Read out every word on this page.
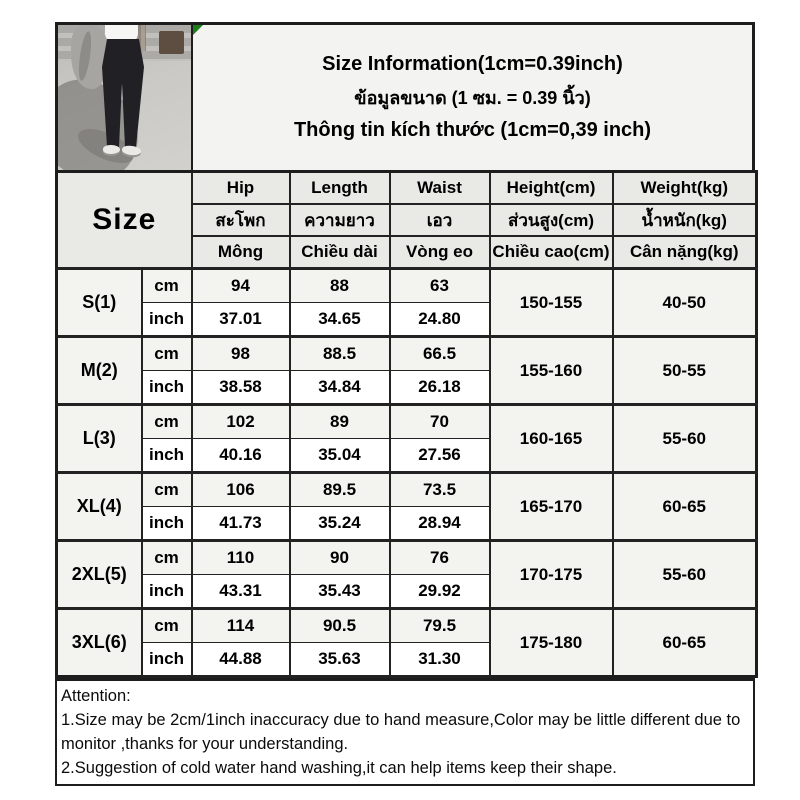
Size Information(1cm=0.39inch)
ข้อมูลขนาด (1 ซม. = 0.39 นิ้ว)
Thông tin kích thước (1cm=0,39 inch)
Size		Hip	Length	Waist	Height(cm)	Weight(kg)
		สะโพก	ความยาว	เอว	ส่วนสูง(cm)	น้ำหนัก(kg)
		Mông	Chiều dài	Vòng eo	Chiều cao(cm)	Cân nặng(kg)
S(1)	cm	94	88	63	150-155	40-50
	inch	37.01	34.65	24.80		
M(2)	cm	98	88.5	66.5	155-160	50-55
	inch	38.58	34.84	26.18		
L(3)	cm	102	89	70	160-165	55-60
	inch	40.16	35.04	27.56		
XL(4)	cm	106	89.5	73.5	165-170	60-65
	inch	41.73	35.24	28.94		
2XL(5)	cm	110	90	76	170-175	55-60
	inch	43.31	35.43	29.92		
3XL(6)	cm	114	90.5	79.5	175-180	60-65
	inch	44.88	35.63	31.30		
Attention:
1.Size may be 2cm/1inch inaccuracy due to hand measure,Color may be little different due to
monitor ,thanks for your understanding.
2.Suggestion of cold water hand washing,it can help items keep their shape.
